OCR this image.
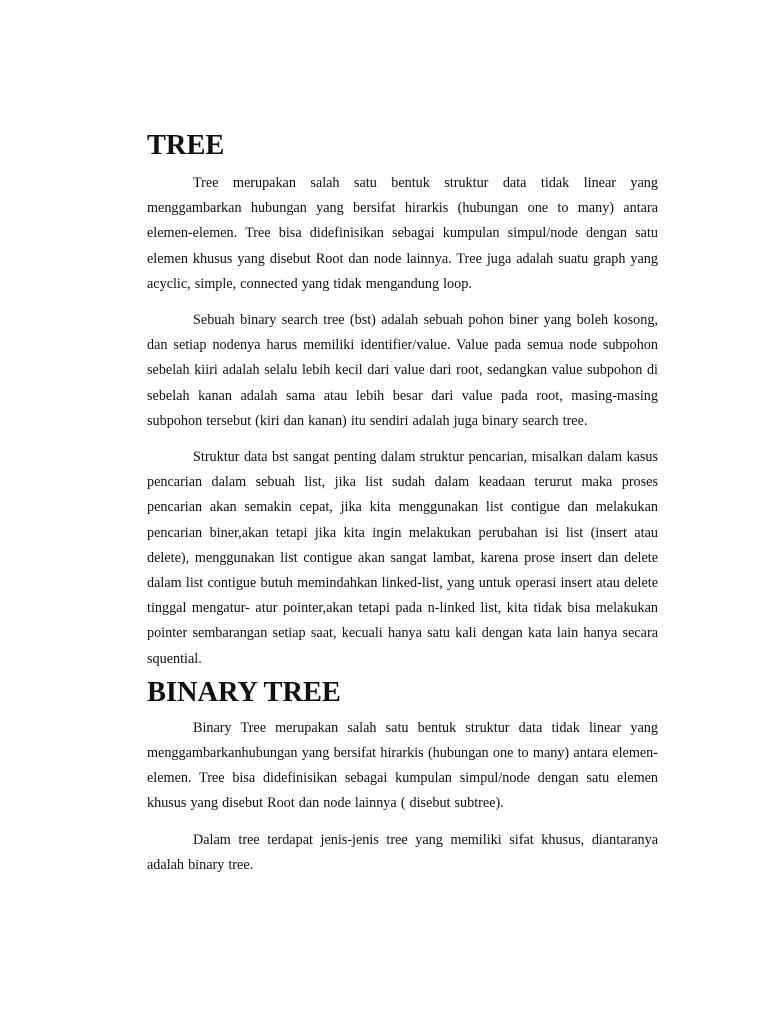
TREE

Tree merupakan salah satu bentuk struktur data tidak linear yang menggambarkan hubungan yang bersifat hirarkis (hubungan one to many) antara elemen-elemen. Tree bisa didefinisikan sebagai kumpulan simpul/node dengan satu elemen khusus yang disebut Root dan node lainnya. Tree juga adalah suatu graph yang acyclic, simple, connected yang tidak mengandung loop.

Sebuah binary search tree (bst) adalah sebuah pohon biner yang boleh kosong, dan setiap nodenya harus memiliki identifier/value. Value pada semua node subpohon sebelah kiiri adalah selalu lebih kecil dari value dari root, sedangkan value subpohon di sebelah kanan adalah sama atau lebih besar dari value pada root, masing-masing subpohon tersebut (kiri dan kanan) itu sendiri adalah juga binary search tree.

Struktur data bst sangat penting dalam struktur pencarian, misalkan dalam kasus pencarian dalam sebuah list, jika list sudah dalam keadaan terurut maka proses pencarian akan semakin cepat, jika kita menggunakan list contigue dan melakukan pencarian biner,akan tetapi jika kita ingin melakukan perubahan isi list (insert atau delete), menggunakan list contigue akan sangat lambat, karena prose insert dan delete dalam list contigue butuh memindahkan linked-list, yang untuk operasi insert atau delete tinggal mengatur- atur pointer,akan tetapi pada n-linked list, kita tidak bisa melakukan pointer sembarangan setiap saat, kecuali hanya satu kali dengan kata lain hanya secara squential.

BINARY TREE

Binary Tree merupakan salah satu bentuk struktur data tidak linear yang menggambarkanhubungan yang bersifat hirarkis (hubungan one to many) antara elemen-elemen. Tree bisa didefinisikan sebagai kumpulan simpul/node dengan satu elemen khusus yang disebut Root dan node lainnya ( disebut subtree).

Dalam tree terdapat jenis-jenis tree yang memiliki sifat khusus, diantaranya adalah binary tree.
